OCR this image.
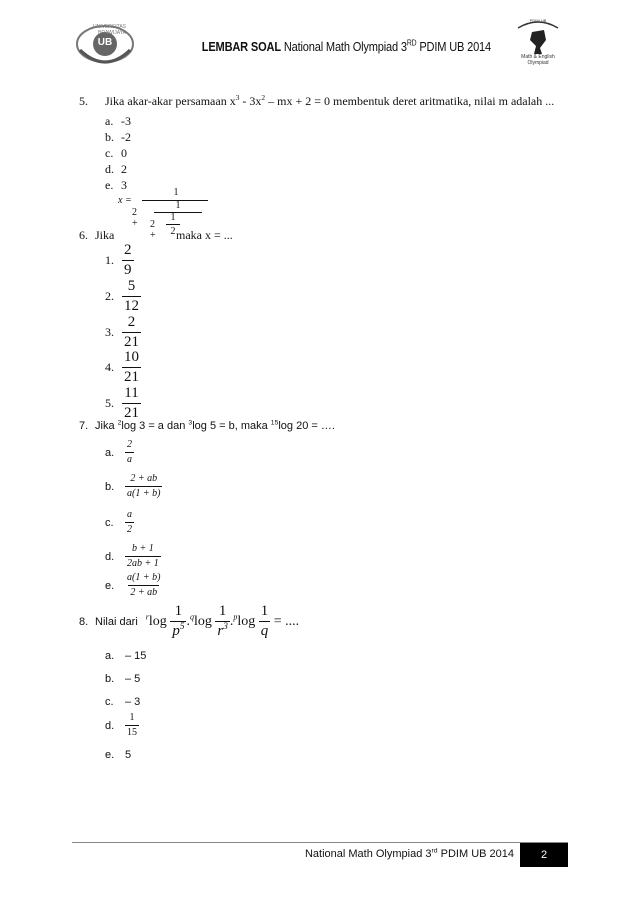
UNIVERSITAS BRAWIJAYA
UB	LEMBAR SOAL National Math Olympiad 3RD PDIM UB 2014
PDIM UB
Math & English
Olympiad
5. Jika akar-akar persamaan $x^3 - 3x^2$ – mx + 2 = 0 membentuk deret aritmatika, nilai m adalah ...
a. -3
b. -2
c. 0
d. 2
e. 3
x =
1
2 +
1
2 +
1
2
6. Jika	maka x = ...
1. $\frac{2}{9}$
2. $\frac{5}{12}$
3. $\frac{2}{21}$
4. $\frac{10}{21}$
5. $\frac{11}{21}$
7. Jika $^2$log 3 = a dan $^3$log 5 = b, maka $^{15}$log 20 = ….
a. $\frac{2}{a}$
b. $\frac{2 + ab}{a(1 + b)}$
c. $\frac{a}{2}$
d. $\frac{b + 1}{2ab + 1}$
e. $\frac{a(1 + b)}{2 + ab}$
8. Nilai dari $^r\log \frac{1}{p^5} .^q\log \frac{1}{r^3} .^p\log \frac{1}{q}$ = ....
a. – 15
b. – 5
c. – 3
d. $\frac{1}{15}$
e. 5
National Math Olympiad 3rd PDIM UB 2014	2
